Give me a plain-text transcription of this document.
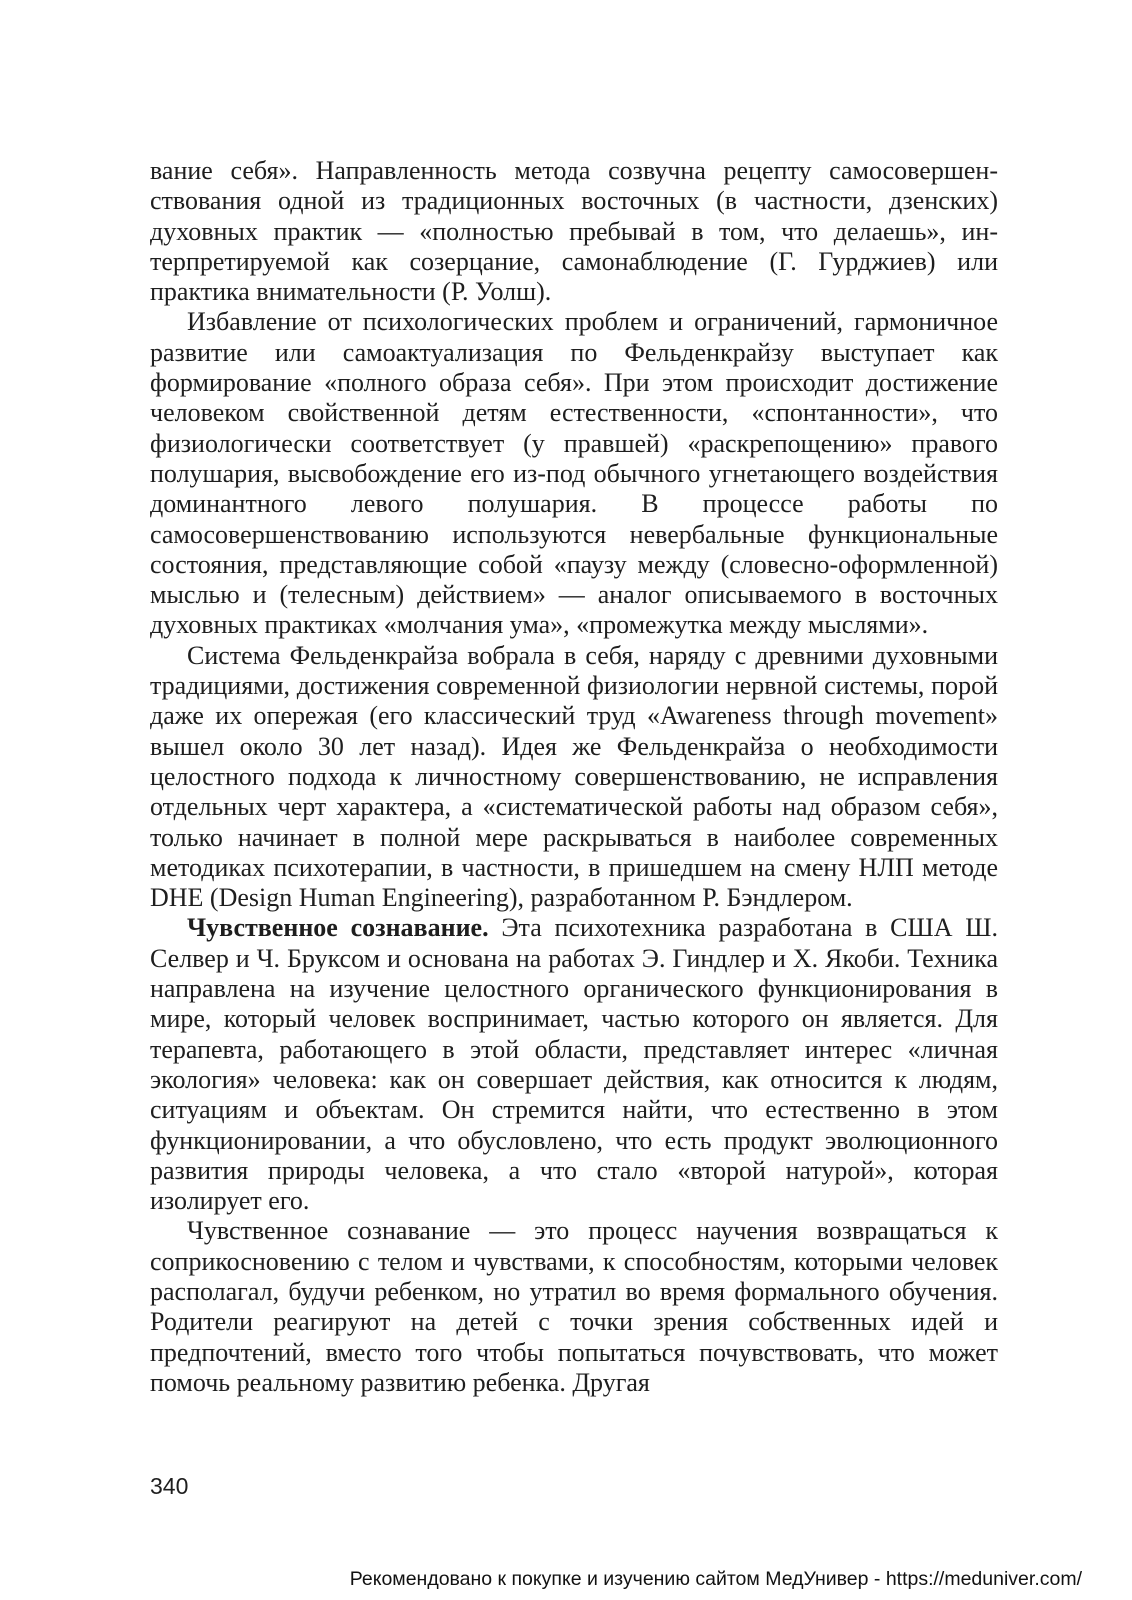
вание себя». Направленность метода созвучна рецепту самосовершенствования одной из традиционных восточных (в частности, дзенских) духовных практик — «полностью пребывай в том, что делаешь», интерпретируемой как созерцание, самонаблюдение (Г. Гурджиев) или практика внимательности (Р. Уолш).

Избавление от психологических проблем и ограничений, гармоничное развитие или самоактуализация по Фельденкрайзу выступает как формирование «полного образа себя». При этом происходит достижение человеком свойственной детям естественности, «спонтанности», что физиологически соответствует (у правшей) «раскрепощению» правого полушария, высвобождение его из-под обычного угнетающего воздействия доминантного левого полушария. В процессе работы по самосовершенствованию используются невербальные функциональные состояния, представляющие собой «паузу между (словесно-оформленной) мыслью и (телесным) действием» — аналог описываемого в восточных духовных практиках «молчания ума», «промежутка между мыслями».

Система Фельденкрайза вобрала в себя, наряду с древними духовными традициями, достижения современной физиологии нервной системы, порой даже их опережая (его классический труд «Awareness through movement» вышел около 30 лет назад). Идея же Фельденкрайза о необходимости целостного подхода к личностному совершенствованию, не исправления отдельных черт характера, а «систематической работы над образом себя», только начинает в полной мере раскрываться в наиболее современных методиках психотерапии, в частности, в пришедшем на смену НЛП методе DHE (Design Human Engineering), разработанном Р. Бэндлером.

Чувственное сознавание. Эта психотехника разработана в США Ш. Селвер и Ч. Бруксом и основана на работах Э. Гиндлер и Х. Якоби. Техника направлена на изучение целостного органического функционирования в мире, который человек воспринимает, частью которого он является. Для терапевта, работающего в этой области, представляет интерес «личная экология» человека: как он совершает действия, как относится к людям, ситуациям и объектам. Он стремится найти, что естественно в этом функционировании, а что обусловлено, что есть продукт эволюционного развития природы человека, а что стало «второй натурой», которая изолирует его.

Чувственное сознавание — это процесс научения возвращаться к соприкосновению с телом и чувствами, к способностям, которыми человек располагал, будучи ребенком, но утратил во время формального обучения. Родители реагируют на детей с точки зрения собственных идей и предпочтений, вместо того чтобы попытаться почувствовать, что может помочь реальному развитию ребенка. Другая

340
Рекомендовано к покупке и изучению сайтом МедУнивер - https://meduniver.com/
